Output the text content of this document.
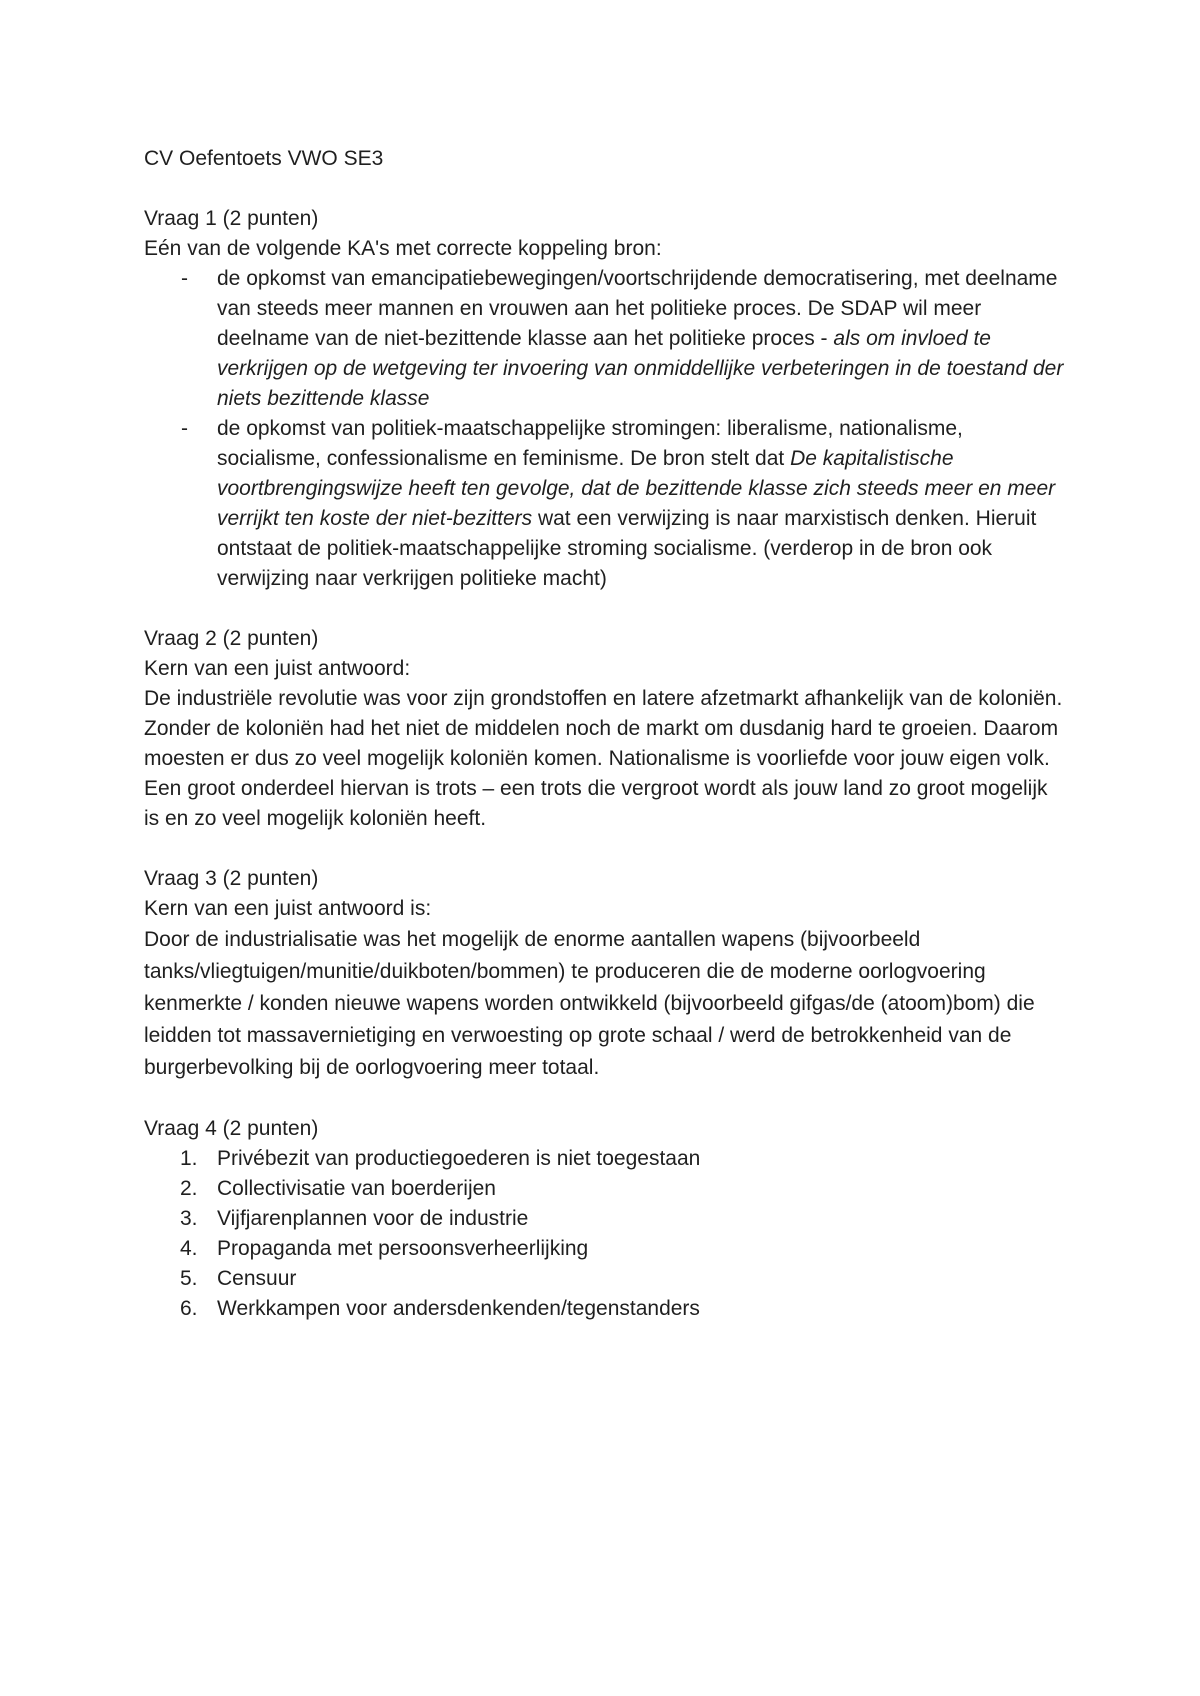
CV Oefentoets VWO SE3

Vraag 1 (2 punten)

Eén van de volgende KA's met correcte koppeling bron:

- de opkomst van emancipatiebewegingen/voortschrijdende democratisering, met deelname van steeds meer mannen en vrouwen aan het politieke proces. De SDAP wil meer deelname van de niet-bezittende klasse aan het politieke proces - als om invloed te verkrijgen op de wetgeving ter invoering van onmiddellijke verbeteringen in de toestand der niets bezittende klasse
- de opkomst van politiek-maatschappelijke stromingen: liberalisme, nationalisme, socialisme, confessionalisme en feminisme. De bron stelt dat De kapitalistische voortbrengingswijze heeft ten gevolge, dat de bezittende klasse zich steeds meer en meer verrijkt ten koste der niet-bezitters wat een verwijzing is naar marxistisch denken. Hieruit ontstaat de politiek-maatschappelijke stroming socialisme. (verderop in de bron ook verwijzing naar verkrijgen politieke macht)

Vraag 2 (2 punten)

Kern van een juist antwoord:

De industriële revolutie was voor zijn grondstoffen en latere afzetmarkt afhankelijk van de koloniën. Zonder de koloniën had het niet de middelen noch de markt om dusdanig hard te groeien. Daarom moesten er dus zo veel mogelijk koloniën komen. Nationalisme is voorliefde voor jouw eigen volk. Een groot onderdeel hiervan is trots – een trots die vergroot wordt als jouw land zo groot mogelijk is en zo veel mogelijk koloniën heeft.

Vraag 3 (2 punten)

Kern van een juist antwoord is:

Door de industrialisatie was het mogelijk de enorme aantallen wapens (bijvoorbeeld tanks/vliegtuigen/munitie/duikboten/bommen) te produceren die de moderne oorlogvoering kenmerkte / konden nieuwe wapens worden ontwikkeld (bijvoorbeeld gifgas/de (atoom)bom) die leidden tot massavernietiging en verwoesting op grote schaal / werd de betrokkenheid van de burgerbevolking bij de oorlogvoering meer totaal.

Vraag 4 (2 punten)

1. Privébezit van productiegoederen is niet toegestaan
2. Collectivisatie van boerderijen
3. Vijfjarenplannen voor de industrie
4. Propaganda met persoonsverheerlijking
5. Censuur
6. Werkkampen voor andersdenkenden/tegenstanders
